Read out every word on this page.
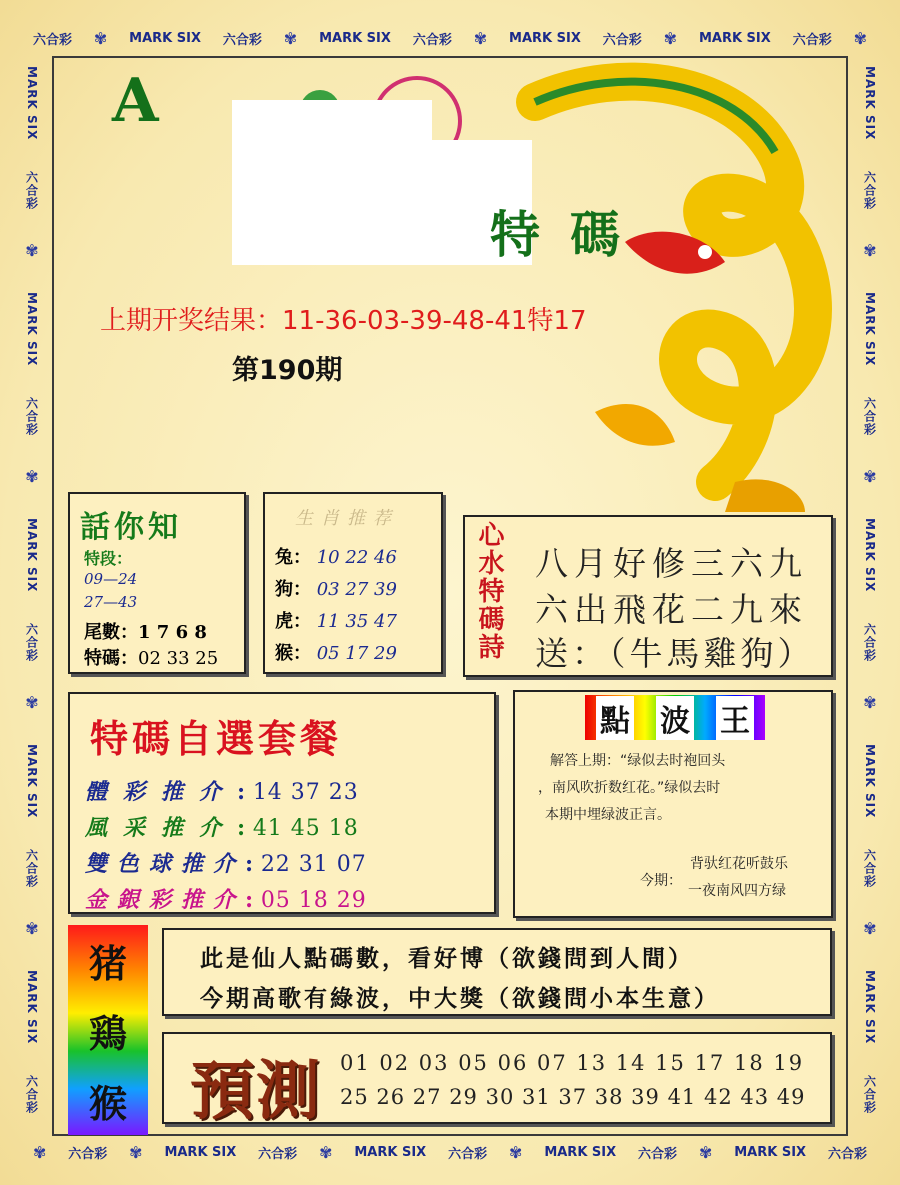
六合彩 ✾ MARK SIX 六合彩 ✾ MARK SIX 六合彩 ✾ MARK SIX 六合彩 ✾ MARK SIX 六合彩 ✾
✾ 六合彩 ✾ MARK SIX 六合彩 ✾ MARK SIX 六合彩 ✾ MARK SIX 六合彩 ✾ MARK SIX 六合彩
MARK SIX
六合彩
✾
MARK SIX
六合彩
✾
MARK SIX
六合彩
✾
MARK SIX
六合彩
✾
MARK SIX
六合彩
MARK SIX
六合彩
✾
MARK SIX
六合彩
✾
MARK SIX
六合彩
✾
MARK SIX
六合彩
✾
MARK SIX
六合彩
A
特 碼
上期开奖结果：11-36-03-39-48-41特17
第190期
話你知
特段：
09—24
27—43
尾數：1 7 6 8
特碼：02 33 25
生肖推荐
兔： 10 22 46
狗： 03 27 39
虎： 11 35 47
猴： 05 17 29	心水特碼詩 八月好修三六九
六出飛花二九來
送：（牛馬雞狗）
特碼自選套餐
體彩推介: 14 37 23
風采推介: 41 45 18
雙色球推介: 22 31 07
金銀彩推介: 05 18 29
點 波 王
解答上期：“绿似去时袍回头
，南风吹折数红花。”绿似去时
本期中埋绿波正言。
背驮红花听鼓乐
今期：
一夜南风四方绿
猪
鶏
猴
此是仙人點碼數，看好博（欲錢問到人間）
今期高歌有綠波，中大獎（欲錢問小本生意）
預測 01 02 03 05 06 07 13 14 15 17 18 19
25 26 27 29 30 31 37 38 39 41 42 43 49
